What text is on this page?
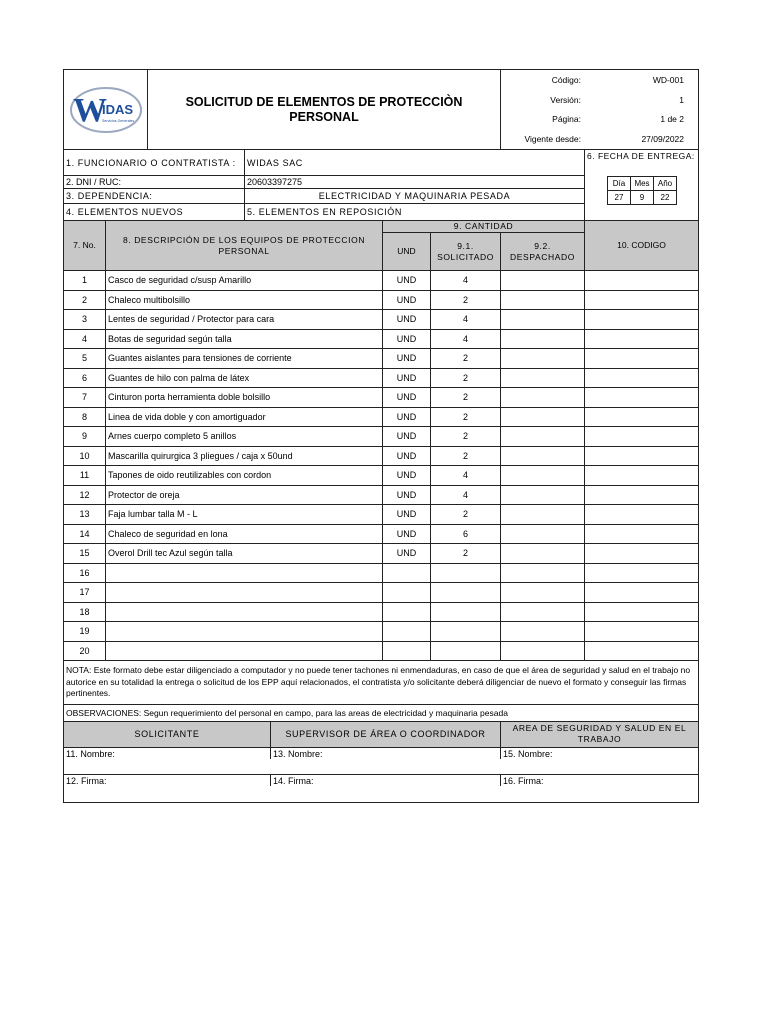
W
IDAS
Servicios Generales
SOLICITUD DE ELEMENTOS DE PROTECCIÒN PERSONAL
Código:	WD-001
Versión:	1
Página:	1 de 2
Vigente desde:	27/09/2022
1. FUNCIONARIO O CONTRATISTA :	WIDAS SAC
2. DNI / RUC:	20603397275
3. DEPENDENCIA:	ELECTRICIDAD Y MAQUINARIA PESADA
4. ELEMENTOS NUEVOS	5. ELEMENTOS EN REPOSICIÓN
6. FECHA DE ENTREGA:
Día	Mes	Año
27	9	22
7. No.
8. DESCRIPCIÓN DE LOS EQUIPOS DE PROTECCION PERSONAL
9. CANTIDAD
UND
9.1. SOLICITADO
9.2. DESPACHADO
10. CODIGO
1	Casco de seguridad c/susp Amarillo	UND	4
2	Chaleco multibolsillo	UND	2
3	Lentes de seguridad / Protector para cara	UND	4
4	Botas de seguridad según talla	UND	4
5	Guantes aislantes para tensiones de corriente	UND	2
6	Guantes de hilo con palma de látex	UND	2
7	Cinturon porta herramienta doble bolsillo	UND	2
8	Linea de vida doble y con amortiguador	UND	2
9	Arnes cuerpo completo 5 anillos	UND	2
10	Mascarilla quirurgica 3 pliegues / caja x 50und	UND	2
11	Tapones de oido reutilizables con cordon	UND	4
12	Protector de oreja	UND	4
13	Faja lumbar talla M - L	UND	2
14	Chaleco de seguridad en lona	UND	6
15	Overol Drill tec Azul según talla	UND	2
16
17
18
19
20
NOTA: Este formato debe estar diligenciado a computador y no puede tener tachones ni enmendaduras, en caso de que el área de seguridad y salud en el trabajo no autorice en su totalidad la entrega o solicitud de los EPP aquí relacionados, el contratista y/o solicitante deberá diligenciar de nuevo el formato y conseguir las firmas pertinentes.
OBSERVACIONES: Segun requerimiento del personal en campo, para las areas de electricidad y maquinaria pesada
SOLICITANTE	SUPERVISOR DE ÁREA O COORDINADOR
AREA DE SEGURIDAD Y SALUD EN EL TRABAJO
11. Nombre:	13. Nombre:	15. Nombre:
12. Firma:	14. Firma:	16. Firma:
